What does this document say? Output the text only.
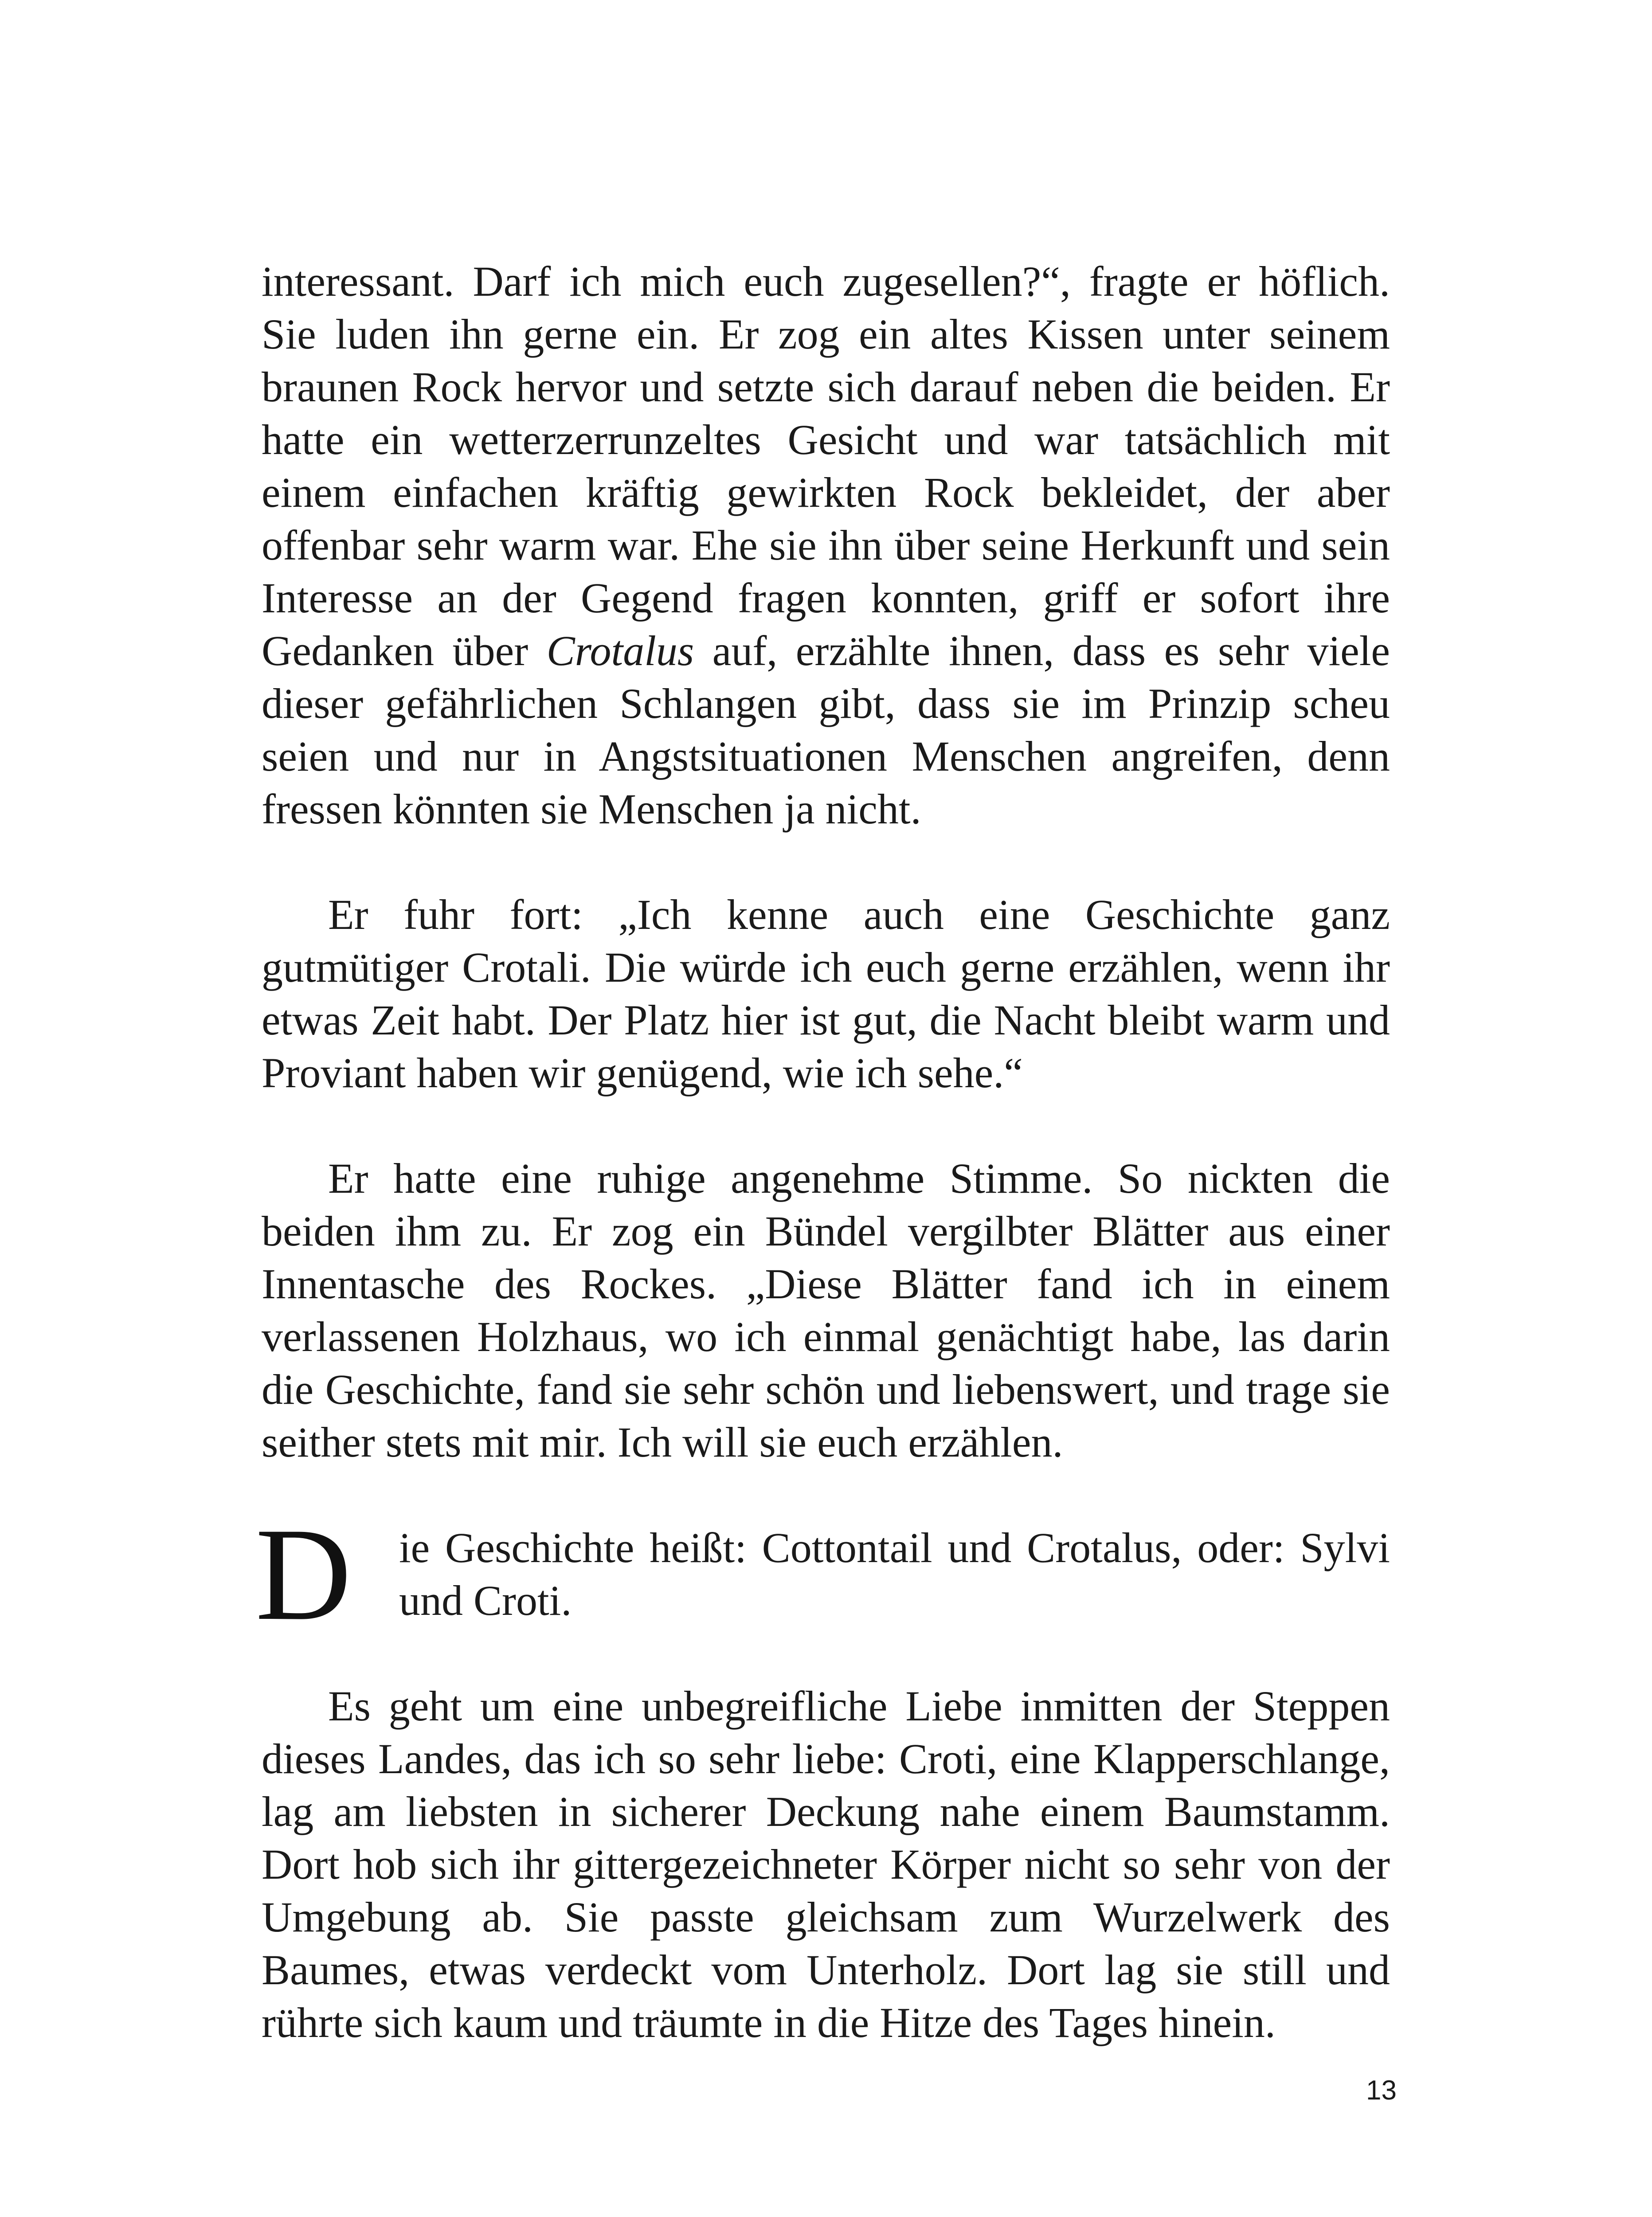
interessant. Darf ich mich euch zugesellen?“, fragte er höflich. Sie luden ihn gerne ein. Er zog ein altes Kissen unter seinem braunen Rock hervor und setzte sich darauf neben die beiden. Er hatte ein wetterzerrunzeltes Gesicht und war tatsächlich mit einem einfachen kräftig gewirkten Rock bekleidet, der aber offenbar sehr warm war. Ehe sie ihn über seine Herkunft und sein Interesse an der Gegend fragen konnten, griff er sofort ihre Gedanken über Crotalus auf, erzählte ihnen, dass es sehr viele dieser gefährlichen Schlangen gibt, dass sie im Prinzip scheu seien und nur in Angstsituationen Menschen angreifen, denn fressen könnten sie Menschen ja nicht.

Er fuhr fort: „Ich kenne auch eine Geschichte ganz gutmütiger Crotali. Die würde ich euch gerne erzählen, wenn ihr etwas Zeit habt. Der Platz hier ist gut, die Nacht bleibt warm und Proviant haben wir genügend, wie ich sehe.“

Er hatte eine ruhige angenehme Stimme. So nickten die beiden ihm zu. Er zog ein Bündel vergilbter Blätter aus einer Innentasche des Rockes. „Diese Blätter fand ich in einem verlassenen Holzhaus, wo ich einmal genächtigt habe, las darin die Geschichte, fand sie sehr schön und liebenswert, und trage sie seither stets mit mir. Ich will sie euch erzählen.

D ie Geschichte heißt: Cottontail und Crotalus, oder: Sylvi und Croti.

Es geht um eine unbegreifliche Liebe inmitten der Steppen dieses Landes, das ich so sehr liebe: Croti, eine Klapperschlange, lag am liebsten in sicherer Deckung nahe einem Baumstamm. Dort hob sich ihr gittergezeichneter Körper nicht so sehr von der Umgebung ab. Sie passte gleichsam zum Wurzelwerk des Baumes, etwas verdeckt vom Unterholz. Dort lag sie still und rührte sich kaum und träumte in die Hitze des Tages hinein.

13
